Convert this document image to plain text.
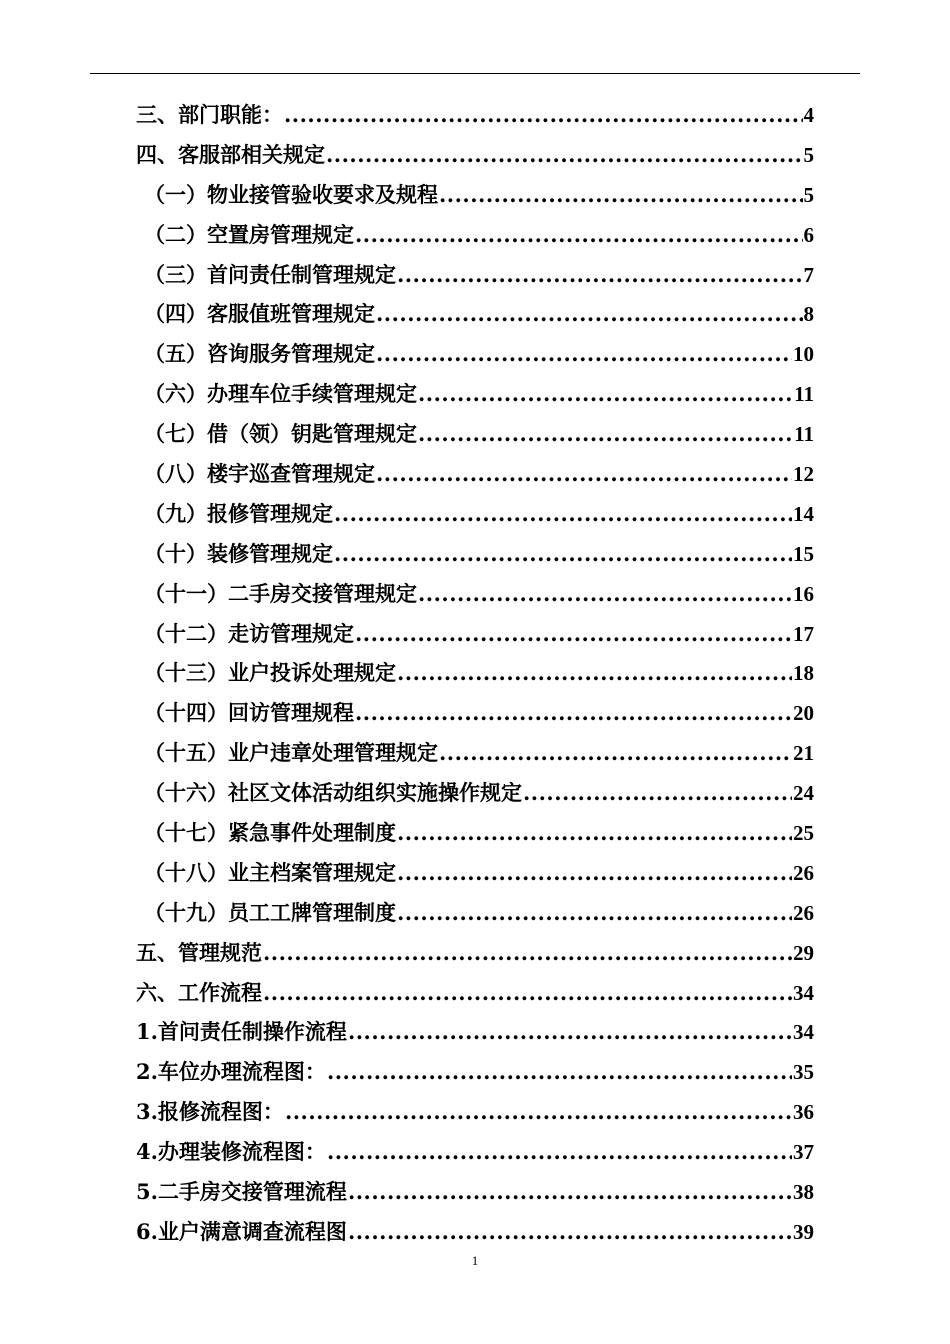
三、部门职能： .....	4
四、客服部相关规定 .....	5
（一）物业接管验收要求及规程 .....	5
（二）空置房管理规定 .....	6
（三）首问责任制管理规定 .....	7
（四）客服值班管理规定 .....	8
（五）咨询服务管理规定 .....	10
（六）办理车位手续管理规定 .....	11
（七）借（领）钥匙管理规定 .....	11
（八）楼宇巡查管理规定 .....	12
（九）报修管理规定 .....	14
（十）装修管理规定 .....	15
（十一）二手房交接管理规定 .....	16
（十二）走访管理规定 .....	17
（十三）业户投诉处理规定 .....	18
（十四）回访管理规程 .....	20
（十五）业户违章处理管理规定 .....	21
（十六）社区文体活动组织实施操作规定 .....	24
（十七）紧急事件处理制度 .....	25
（十八）业主档案管理规定 .....	26
（十九）员工工牌管理制度 .....	26
五、管理规范 .....	29
六、工作流程 .....	34
1.首问责任制操作流程 .....	34
2.车位办理流程图： .....	35
3.报修流程图： .....	36
4.办理装修流程图： .....	37
5.二手房交接管理流程 .....	38
6.业户满意调查流程图 .....	39
1
